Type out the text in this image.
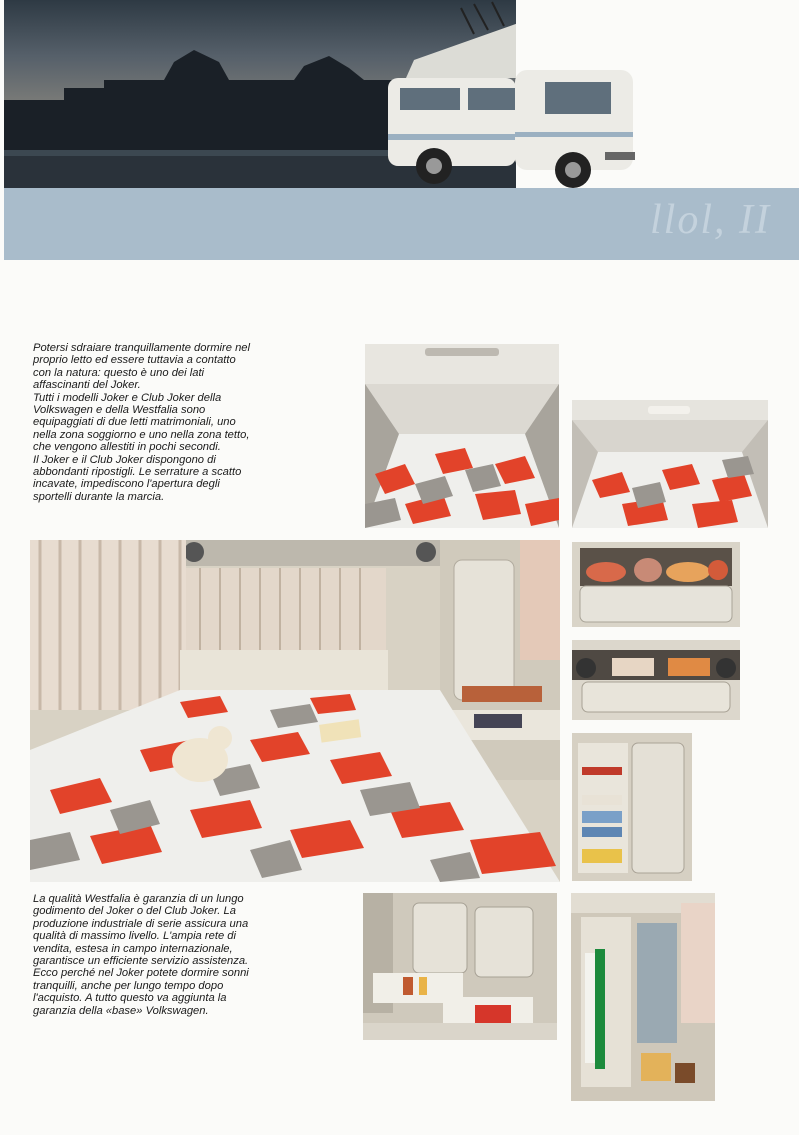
llol, II

Potersi sdraiare tranquillamente dormire nel
proprio letto ed essere tuttavia a contatto
con la natura: questo è uno dei lati
affascinanti del Joker.
Tutti i modelli Joker e Club Joker della
Volkswagen e della Westfalia sono
equipaggiati di due letti matrimoniali, uno
nella zona soggiorno e uno nella zona tetto,
che vengono allestiti in pochi secondi.
Il Joker e il Club Joker dispongono di
abbondanti ripostigli. Le serrature a scatto
incavate, impediscono l'apertura degli
sportelli durante la marcia.

La qualità Westfalia è garanzia di un lungo
godimento del Joker o del Club Joker. La
produzione industriale di serie assicura una
qualità di massimo livello. L'ampia rete di
vendita, estesa in campo internazionale,
garantisce un efficiente servizio assistenza.
Ecco perché nel Joker potete dormire sonni
tranquilli, anche per lungo tempo dopo
l'acquisto. A tutto questo va aggiunta la
garanzia della «base» Volkswagen.
